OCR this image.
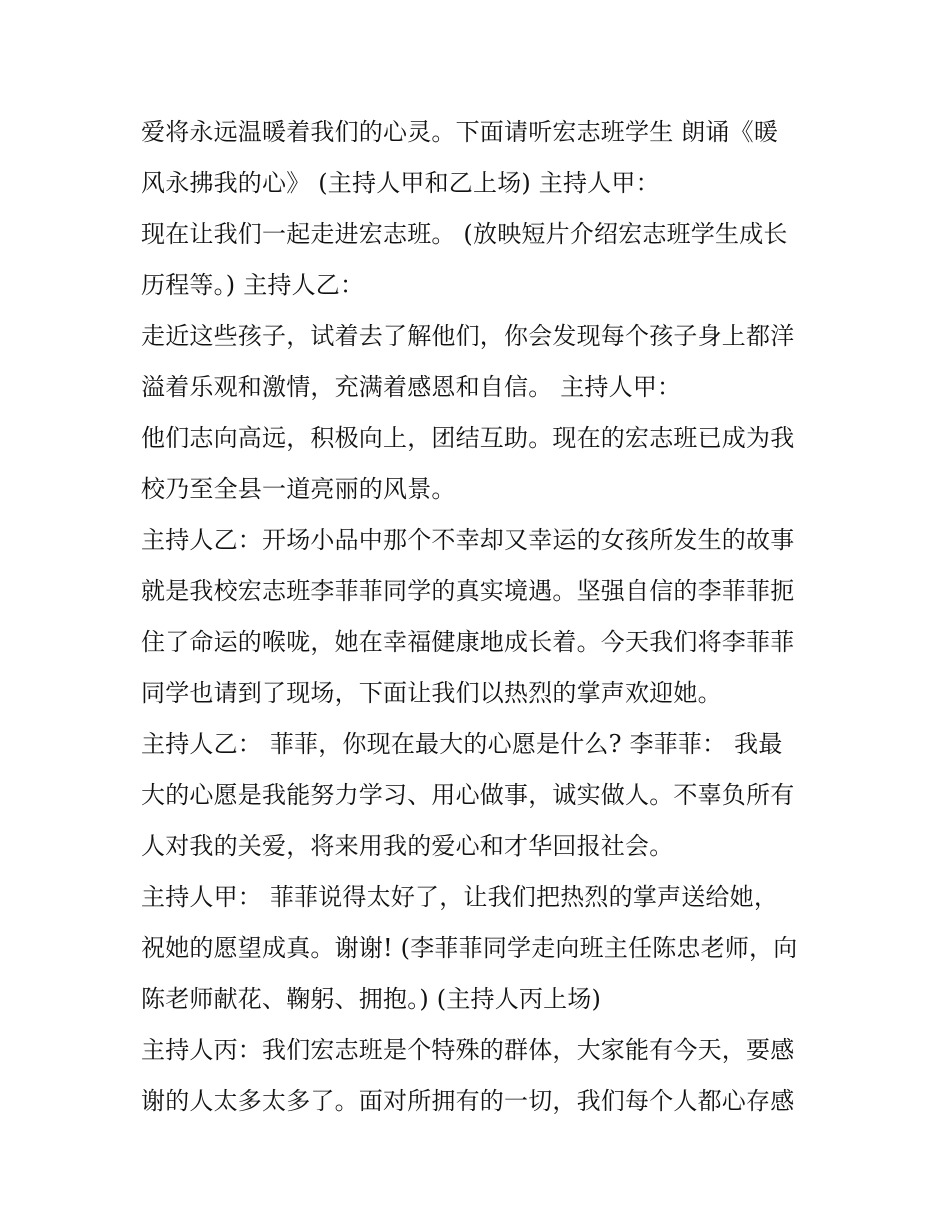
爱将永远温暖着我们的心灵。下面请听宏志班学生 朗诵《暖
风永拂我的心》 (主持人甲和乙上场) 主持人甲：
现在让我们一起走进宏志班。 (放映短片介绍宏志班学生成长
历程等。) 主持人乙：
走近这些孩子，试着去了解他们，你会发现每个孩子身上都洋
溢着乐观和激情，充满着感恩和自信。 主持人甲：
他们志向高远，积极向上，团结互助。现在的宏志班已成为我
校乃至全县一道亮丽的风景。
主持人乙：开场小品中那个不幸却又幸运的女孩所发生的故事
就是我校宏志班李菲菲同学的真实境遇。坚强自信的李菲菲扼
住了命运的喉咙，她在幸福健康地成长着。今天我们将李菲菲
同学也请到了现场，下面让我们以热烈的掌声欢迎她。
主持人乙： 菲菲，你现在最大的心愿是什么? 李菲菲： 我最
大的心愿是我能努力学习、用心做事，诚实做人。不辜负所有
人对我的关爱，将来用我的爱心和才华回报社会。
主持人甲： 菲菲说得太好了，让我们把热烈的掌声送给她，
祝她的愿望成真。谢谢! (李菲菲同学走向班主任陈忠老师，向
陈老师献花、鞠躬、拥抱。) (主持人丙上场)
主持人丙：我们宏志班是个特殊的群体，大家能有今天，要感
谢的人太多太多了。面对所拥有的一切，我们每个人都心存感
